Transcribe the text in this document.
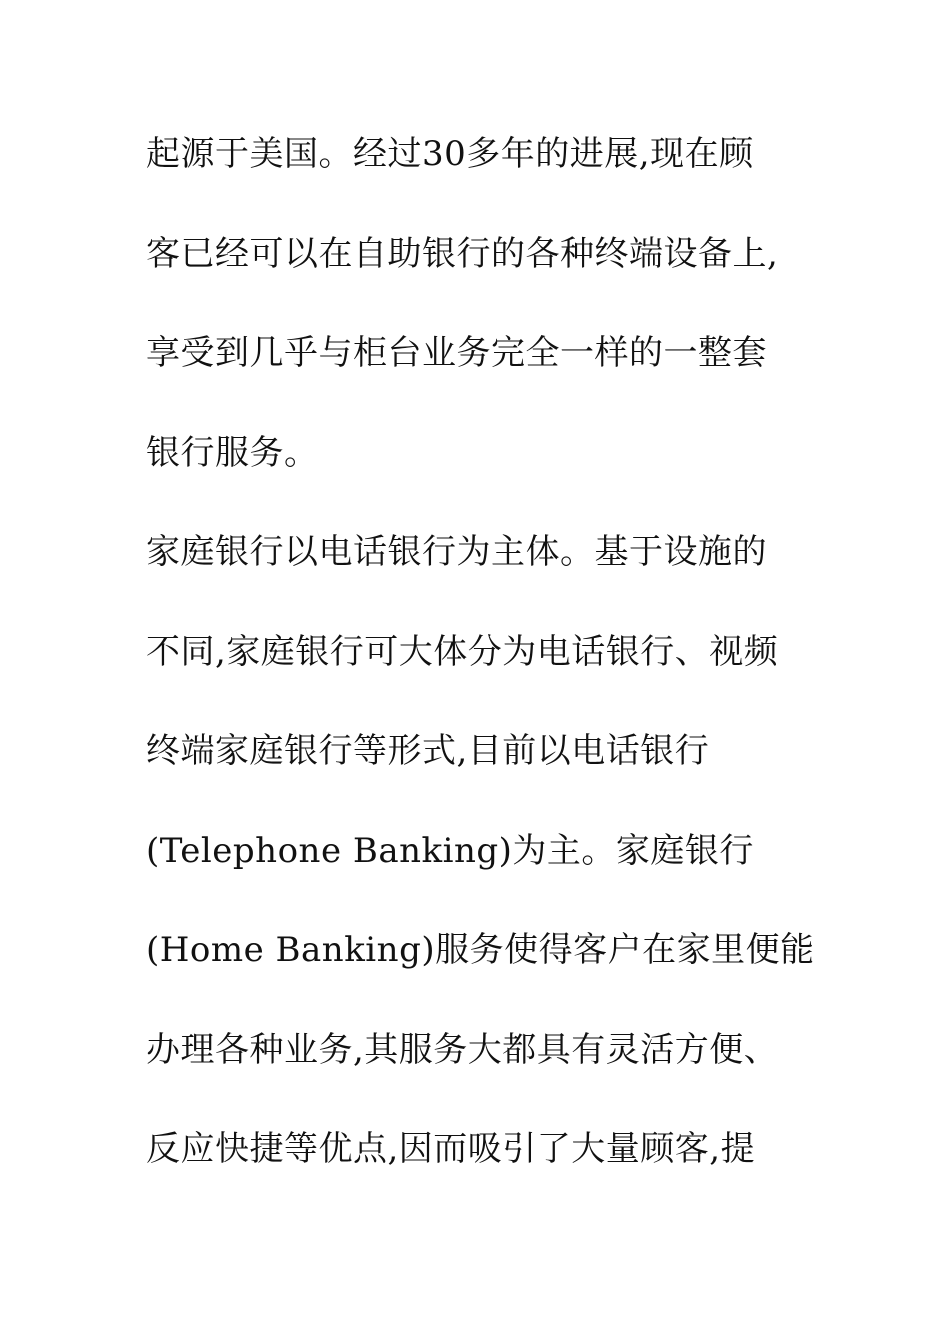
起源于美国。经过30多年的进展,现在顾
客已经可以在自助银行的各种终端设备上,
享受到几乎与柜台业务完全一样的一整套
银行服务。
家庭银行以电话银行为主体。基于设施的
不同,家庭银行可大体分为电话银行、视频
终端家庭银行等形式,目前以电话银行
(Telephone Banking)为主。家庭银行
(Home Banking)服务使得客户在家里便能
办理各种业务,其服务大都具有灵活方便、
反应快捷等优点,因而吸引了大量顾客,提
